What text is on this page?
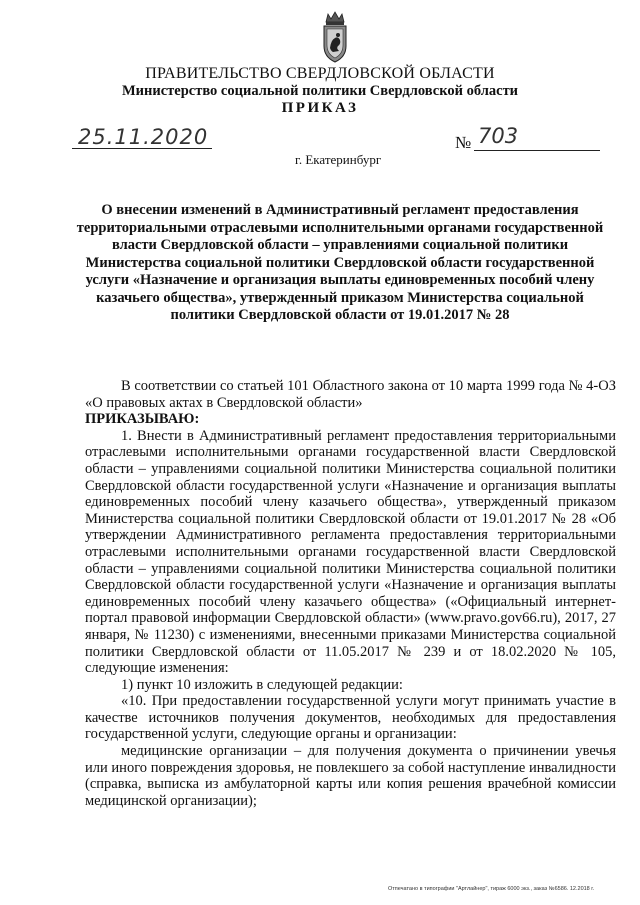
ПРАВИТЕЛЬСТВО СВЕРДЛОВСКОЙ ОБЛАСТИ
Министерство социальной политики Свердловской области
ПРИКАЗ
25.11.2020	№ 703
г. Екатеринбург
О внесении изменений в Административный регламент предоставления территориальными отраслевыми исполнительными органами государственной власти Свердловской области – управлениями социальной политики Министерства социальной политики Свердловской области государственной услуги «Назначение и организация выплаты единовременных пособий члену казачьего общества», утвержденный приказом Министерства социальной политики Свердловской области от 19.01.2017 № 28

В соответствии со статьей 101 Областного закона от 10 марта 1999 года № 4-ОЗ «О правовых актах в Свердловской области»

ПРИКАЗЫВАЮ:

1. Внести в Административный регламент предоставления территориальными отраслевыми исполнительными органами государственной власти Свердловской области – управлениями социальной политики Министерства социальной политики Свердловской области государственной услуги «Назначение и организация выплаты единовременных пособий члену казачьего общества», утвержденный приказом Министерства социальной политики Свердловской области от 19.01.2017 № 28 «Об утверждении Административного регламента предоставления территориальными отраслевыми исполнительными органами государственной власти Свердловской области – управлениями социальной политики Министерства социальной политики Свердловской области государственной услуги «Назначение и организация выплаты единовременных пособий члену казачьего общества» («Официальный интернет-портал правовой информации Свердловской области» (www.pravo.gov66.ru), 2017, 27 января, № 11230) с изменениями, внесенными приказами Министерства социальной политики Свердловской области от 11.05.2017 № 239 и от 18.02.2020 № 105, следующие изменения:

1) пункт 10 изложить в следующей редакции:

«10. При предоставлении государственной услуги могут принимать участие в качестве источников получения документов, необходимых для предоставления государственной услуги, следующие органы и организации:

медицинские организации – для получения документа о причинении увечья или иного повреждения здоровья, не повлекшего за собой наступление инвалидности (справка, выписка из амбулаторной карты или копия решения врачебной комиссии медицинской организации);

Отпечатано в типографии "Артлайнер", тираж 6000 экз., заказ №6586. 12.2018 г.
